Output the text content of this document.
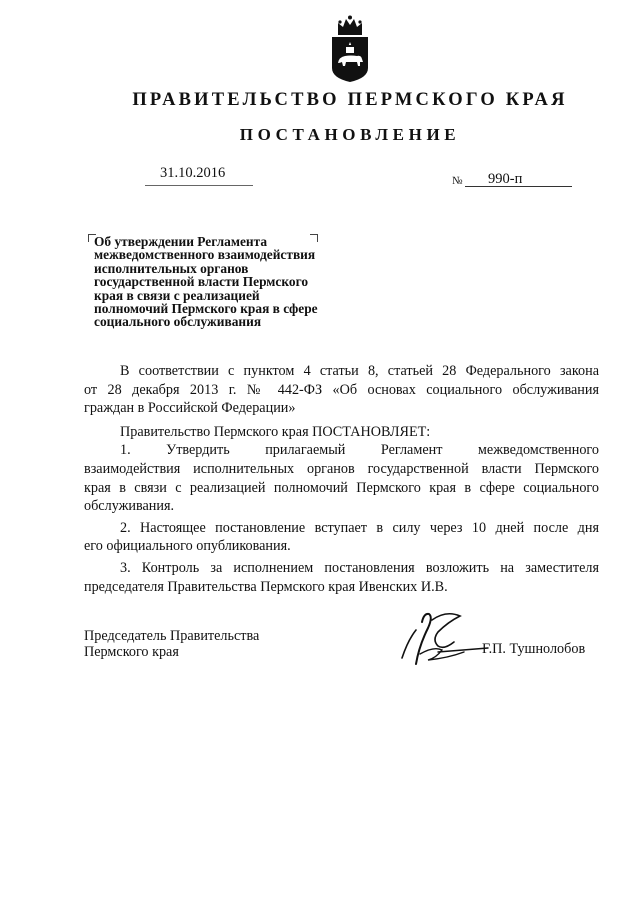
ПРАВИТЕЛЬСТВО ПЕРМСКОГО КРАЯ
ПОСТАНОВЛЕНИЕ
31.10.2016	№ 990-п
Об утверждении Регламента
межведомственного взаимодействия
исполнительных органов
государственной власти Пермского
края в связи с реализацией
полномочий Пермского края в сфере
социального обслуживания
В соответствии с пунктом 4 статьи 8, статьей 28 Федерального закона
от 28 декабря 2013 г. № 442-ФЗ «Об основах социального обслуживания
граждан в Российской Федерации»
Правительство Пермского края ПОСТАНОВЛЯЕТ:
1. Утвердить прилагаемый Регламент межведомственного
взаимодействия исполнительных органов государственной власти Пермского
края в связи с реализацией полномочий Пермского края в сфере социального
обслуживания.
2. Настоящее постановление вступает в силу через 10 дней после дня
его официального опубликования.
3. Контроль за исполнением постановления возложить на заместителя
председателя Правительства Пермского края Ивенских И.В.
Председатель Правительства
Пермского края	Г.П. Тушнолобов
